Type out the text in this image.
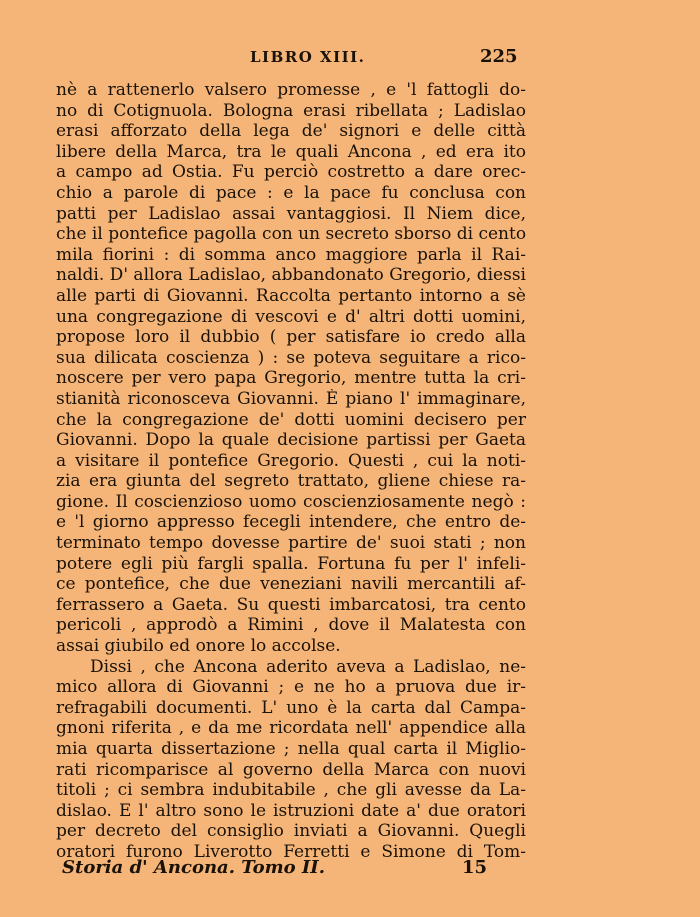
LIBRO XIII.	225
nè a rattenerlo valsero promesse , e 'l fattogli do-
no di Cotignuola. Bologna erasi ribellata ; Ladislao
erasi afforzato della lega de' signori e delle città
libere della Marca, tra le quali Ancona , ed era ito
a campo ad Ostia. Fu perciò costretto a dare orec-
chio a parole di pace : e la pace fu conclusa con
patti per Ladislao assai vantaggiosi. Il Niem dice,
che il pontefice pagolla con un secreto sborso di cento
mila fiorini : di somma anco maggiore parla il Rai-
naldi. D' allora Ladislao, abbandonato Gregorio, diessi
alle parti di Giovanni. Raccolta pertanto intorno a sè
una congregazione di vescovi e d' altri dotti uomini,
propose loro il dubbio ( per satisfare io credo alla
sua dilicata coscienza ) : se poteva seguitare a rico-
noscere per vero papa Gregorio, mentre tutta la cri-
stianità riconosceva Giovanni. È piano l' immaginare,
che la congregazione de' dotti uomini decisero per
Giovanni. Dopo la quale decisione partissi per Gaeta
a visitare il pontefice Gregorio. Questi , cui la noti-
zia era giunta del segreto trattato, gliene chiese ra-
gione. Il coscienzioso uomo coscienziosamente negò :
e 'l giorno appresso fecegli intendere, che entro de-
terminato tempo dovesse partire de' suoi stati ; non
potere egli più fargli spalla. Fortuna fu per l' infeli-
ce pontefice, che due veneziani navili mercantili af-
ferrassero a Gaeta. Su questi imbarcatosi, tra cento
pericoli , approdò a Rimini , dove il Malatesta con
assai giubilo ed onore lo accolse.
Dissi , che Ancona aderito aveva a Ladislao, ne-
mico allora di Giovanni ; e ne ho a pruova due ir-
refragabili documenti. L' uno è la carta dal Campa-
gnoni riferita , e da me ricordata nell' appendice alla
mia quarta dissertazione ; nella qual carta il Miglio-
rati ricomparisce al governo della Marca con nuovi
titoli ; ci sembra indubitabile , che gli avesse da La-
dislao. E l' altro sono le istruzioni date a' due oratori
per decreto del consiglio inviati a Giovanni. Quegli
oratori furono Liverotto Ferretti e Simone di Tom-
Storia d' Ancona. Tomo II.	15
